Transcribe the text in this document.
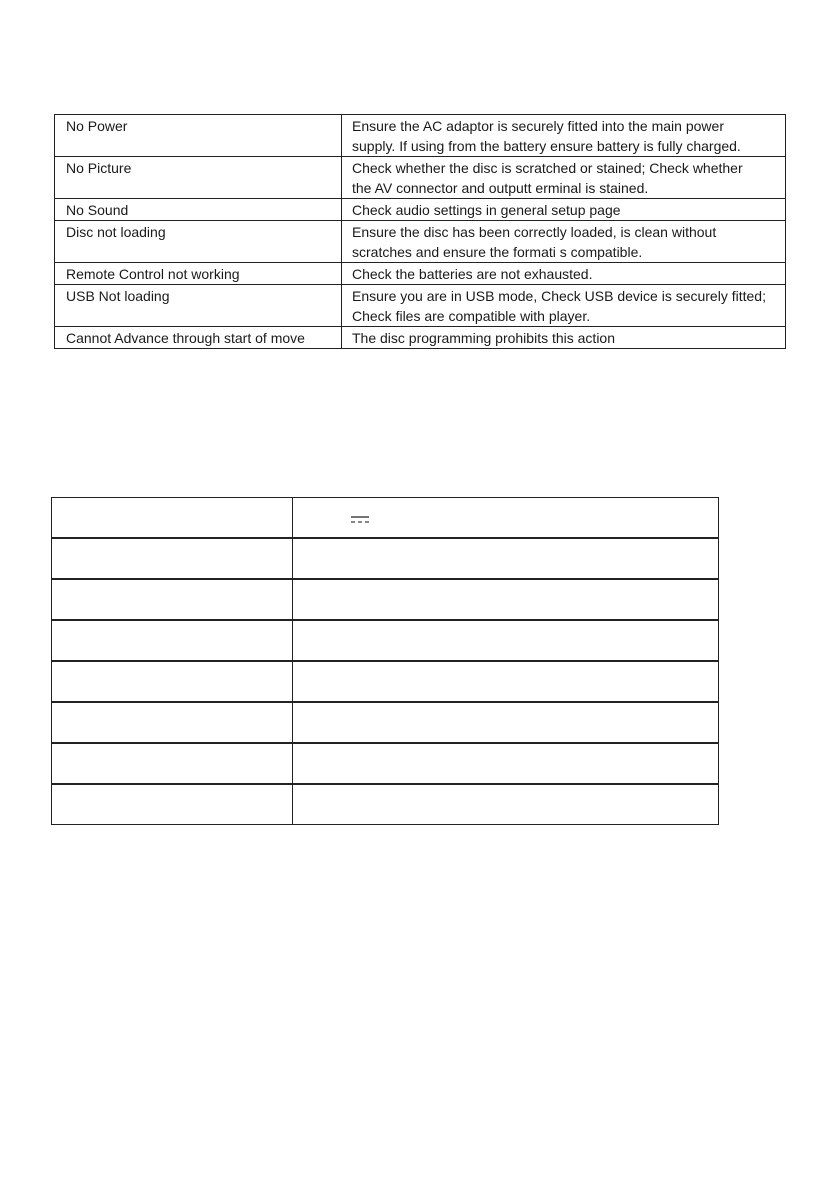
No Power	Ensure the AC adaptor is securely fitted into the main power
supply. If using from the battery ensure battery is fully charged.

No Picture	Check whether the disc is scratched or stained; Check whether
the AV connector and outputt erminal is stained.

No Sound	Check audio settings in general setup page

Disc not loading	Ensure the disc has been correctly loaded, is clean without
scratches and ensure the formati s compatible.

Remote Control not working	Check the batteries are not exhausted.

USB Not loading	Ensure you are in USB mode, Check USB device is securely fitted;
Check files are compatible with player.

Cannot Advance through start of move	The disc programming prohibits this action
